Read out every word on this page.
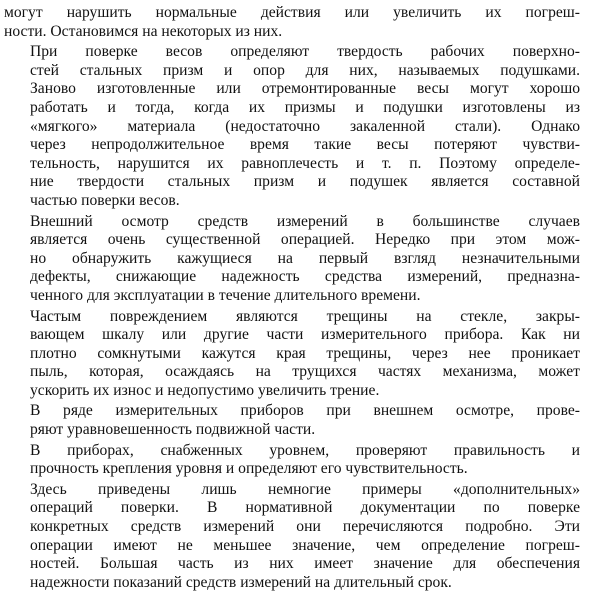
могут нарушить нормальные действия или увеличить их погреш-
ности. Остановимся на некоторых из них.

При поверке весов определяют твердость рабочих поверхно-
стей стальных призм и опор для них, называемых подушками.
Заново изготовленные или отремонтированные весы могут хорошо
работать и тогда, когда их призмы и подушки изготовлены из
«мягкого» материала (недостаточно закаленной стали). Однако
через непродолжительное время такие весы потеряют чувстви-
тельность, нарушится их равноплечесть и т. п. Поэтому определе-
ние твердости стальных призм и подушек является составной
частью поверки весов.

Внешний осмотр средств измерений в большинстве случаев
является очень существенной операцией. Нередко при этом мож-
но обнаружить кажущиеся на первый взгляд незначительными
дефекты, снижающие надежность средства измерений, предназна-
ченного для эксплуатации в течение длительного времени.

Частым повреждением являются трещины на стекле, закры-
вающем шкалу или другие части измерительного прибора. Как ни
плотно сомкнутыми кажутся края трещины, через нее проникает
пыль, которая, осаждаясь на трущихся частях механизма, может
ускорить их износ и недопустимо увеличить трение.

В ряде измерительных приборов при внешнем осмотре, прове-
ряют уравновешенность подвижной части.

В приборах, снабженных уровнем, проверяют правильность и
прочность крепления уровня и определяют его чувствительность.

Здесь приведены лишь немногие примеры «дополнительных»
операций поверки. В нормативной документации по поверке
конкретных средств измерений они перечисляются подробно. Эти
операции имеют не меньшее значение, чем определение погреш-
ностей. Большая часть из них имеет значение для обеспечения
надежности показаний средств измерений на длительный срок.
